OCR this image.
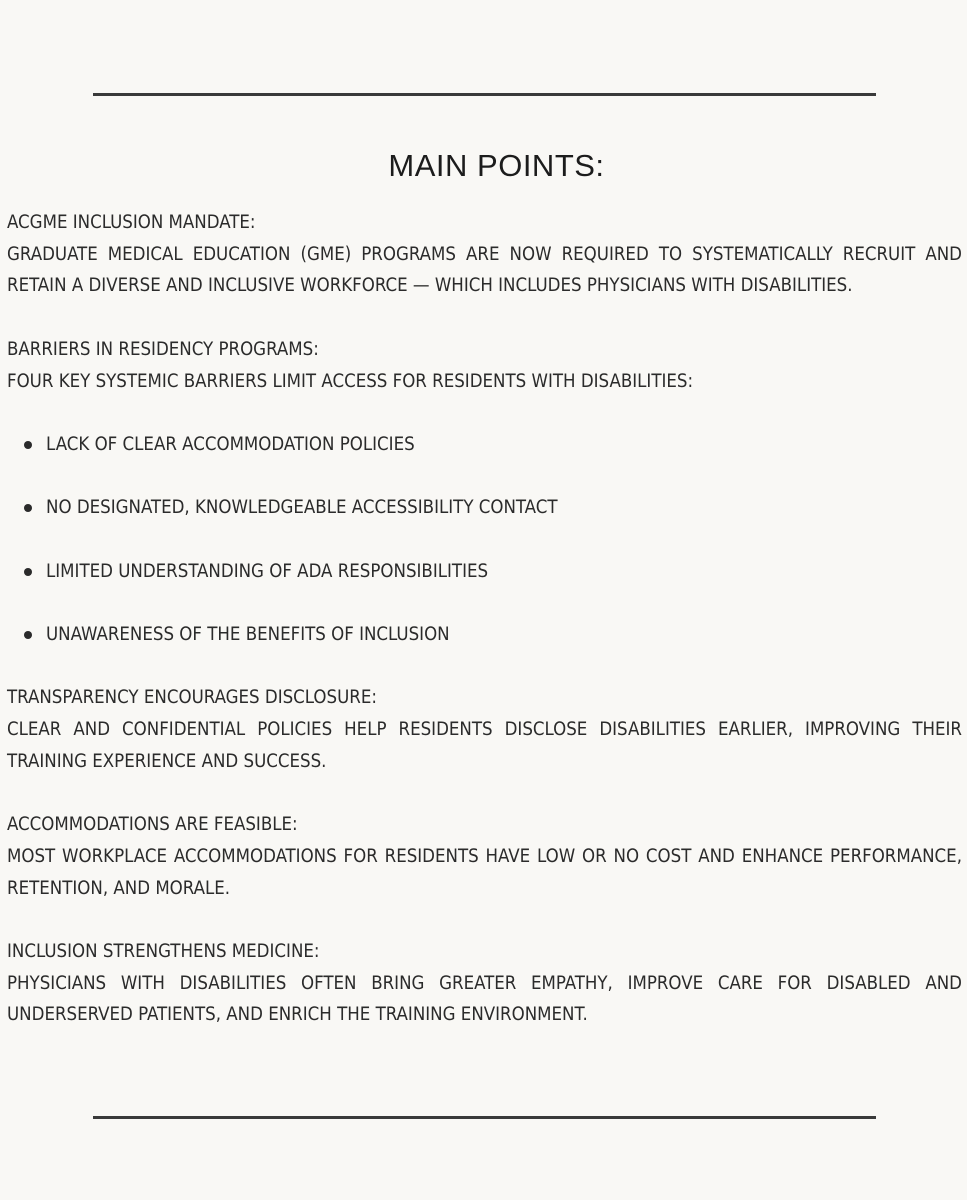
MAIN POINTS:
ACGME INCLUSION MANDATE:
GRADUATE MEDICAL EDUCATION (GME) PROGRAMS ARE NOW REQUIRED TO SYSTEMATICALLY RECRUIT AND RETAIN A DIVERSE AND INCLUSIVE WORKFORCE — WHICH INCLUDES PHYSICIANS WITH DISABILITIES.
BARRIERS IN RESIDENCY PROGRAMS:
FOUR KEY SYSTEMIC BARRIERS LIMIT ACCESS FOR RESIDENTS WITH DISABILITIES:
LACK OF CLEAR ACCOMMODATION POLICIES
NO DESIGNATED, KNOWLEDGEABLE ACCESSIBILITY CONTACT
LIMITED UNDERSTANDING OF ADA RESPONSIBILITIES
UNAWARENESS OF THE BENEFITS OF INCLUSION
TRANSPARENCY ENCOURAGES DISCLOSURE:
CLEAR AND CONFIDENTIAL POLICIES HELP RESIDENTS DISCLOSE DISABILITIES EARLIER, IMPROVING THEIR TRAINING EXPERIENCE AND SUCCESS.
ACCOMMODATIONS ARE FEASIBLE:
MOST WORKPLACE ACCOMMODATIONS FOR RESIDENTS HAVE LOW OR NO COST AND ENHANCE PERFORMANCE, RETENTION, AND MORALE.
INCLUSION STRENGTHENS MEDICINE:
PHYSICIANS WITH DISABILITIES OFTEN BRING GREATER EMPATHY, IMPROVE CARE FOR DISABLED AND UNDERSERVED PATIENTS, AND ENRICH THE TRAINING ENVIRONMENT.
